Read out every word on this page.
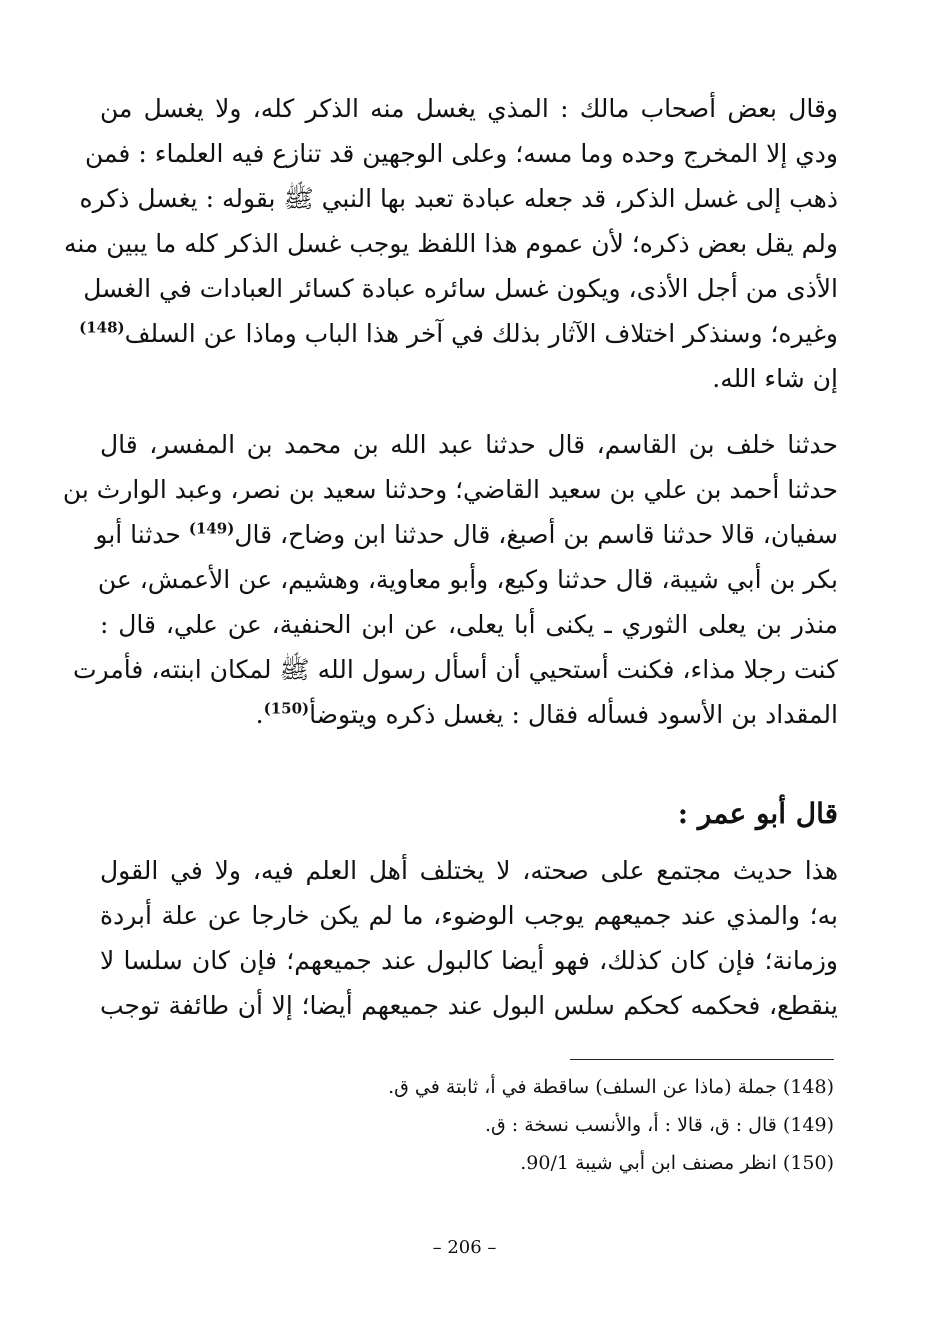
وقال بعض أصحاب مالك : المذي يغسل منه الذكر كله، ولا يغسل من
ودي إلا المخرج وحده وما مسه؛ وعلى الوجهين قد تنازع فيه العلماء : فمن
ذهب إلى غسل الذكر، قد جعله عبادة تعبد بها النبي ﷺ بقوله : يغسل ذكره
ولم يقل بعض ذكره؛ لأن عموم هذا اللفظ يوجب غسل الذكر كله ما يبين منه
الأذى من أجل الأذى، ويكون غسل سائره عبادة كسائر العبادات في الغسل
وغيره؛ وسنذكر اختلاف الآثار بذلك في آخر هذا الباب وماذا عن السلف$^{(148)}$
إن شاء الله.
حدثنا خلف بن القاسم، قال حدثنا عبد الله بن محمد بن المفسر، قال
حدثنا أحمد بن علي بن سعيد القاضي؛ وحدثنا سعيد بن نصر، وعبد الوارث بن
سفيان، قالا حدثنا قاسم بن أصبغ، قال حدثنا ابن وضاح، قال$^{(149)}$ حدثنا أبو
بكر بن أبي شيبة، قال حدثنا وكيع، وأبو معاوية، وهشيم، عن الأعمش، عن
منذر بن يعلى الثوري ـ يكنى أبا يعلى، عن ابن الحنفية، عن علي، قال :
كنت رجلا مذاء، فكنت أستحيي أن أسأل رسول الله ﷺ لمكان ابنته، فأمرت
المقداد بن الأسود فسأله فقال : يغسل ذكره ويتوضأ$^{(150)}$.
قال أبو عمر :
هذا حديث مجتمع على صحته، لا يختلف أهل العلم فيه، ولا في القول
به؛ والمذي عند جميعهم يوجب الوضوء، ما لم يكن خارجا عن علة أبردة
وزمانة؛ فإن كان كذلك، فهو أيضا كالبول عند جميعهم؛ فإن كان سلسا لا
ينقطع، فحكمه كحكم سلس البول عند جميعهم أيضا؛ إلا أن طائفة توجب
(148) جملة (ماذا عن السلف) ساقطة في أ، ثابتة في ق.
(149) قال : ق، قالا : أ، والأنسب نسخة : ق.
(150) انظر مصنف ابن أبي شيبة 90/1.
– 206 –
